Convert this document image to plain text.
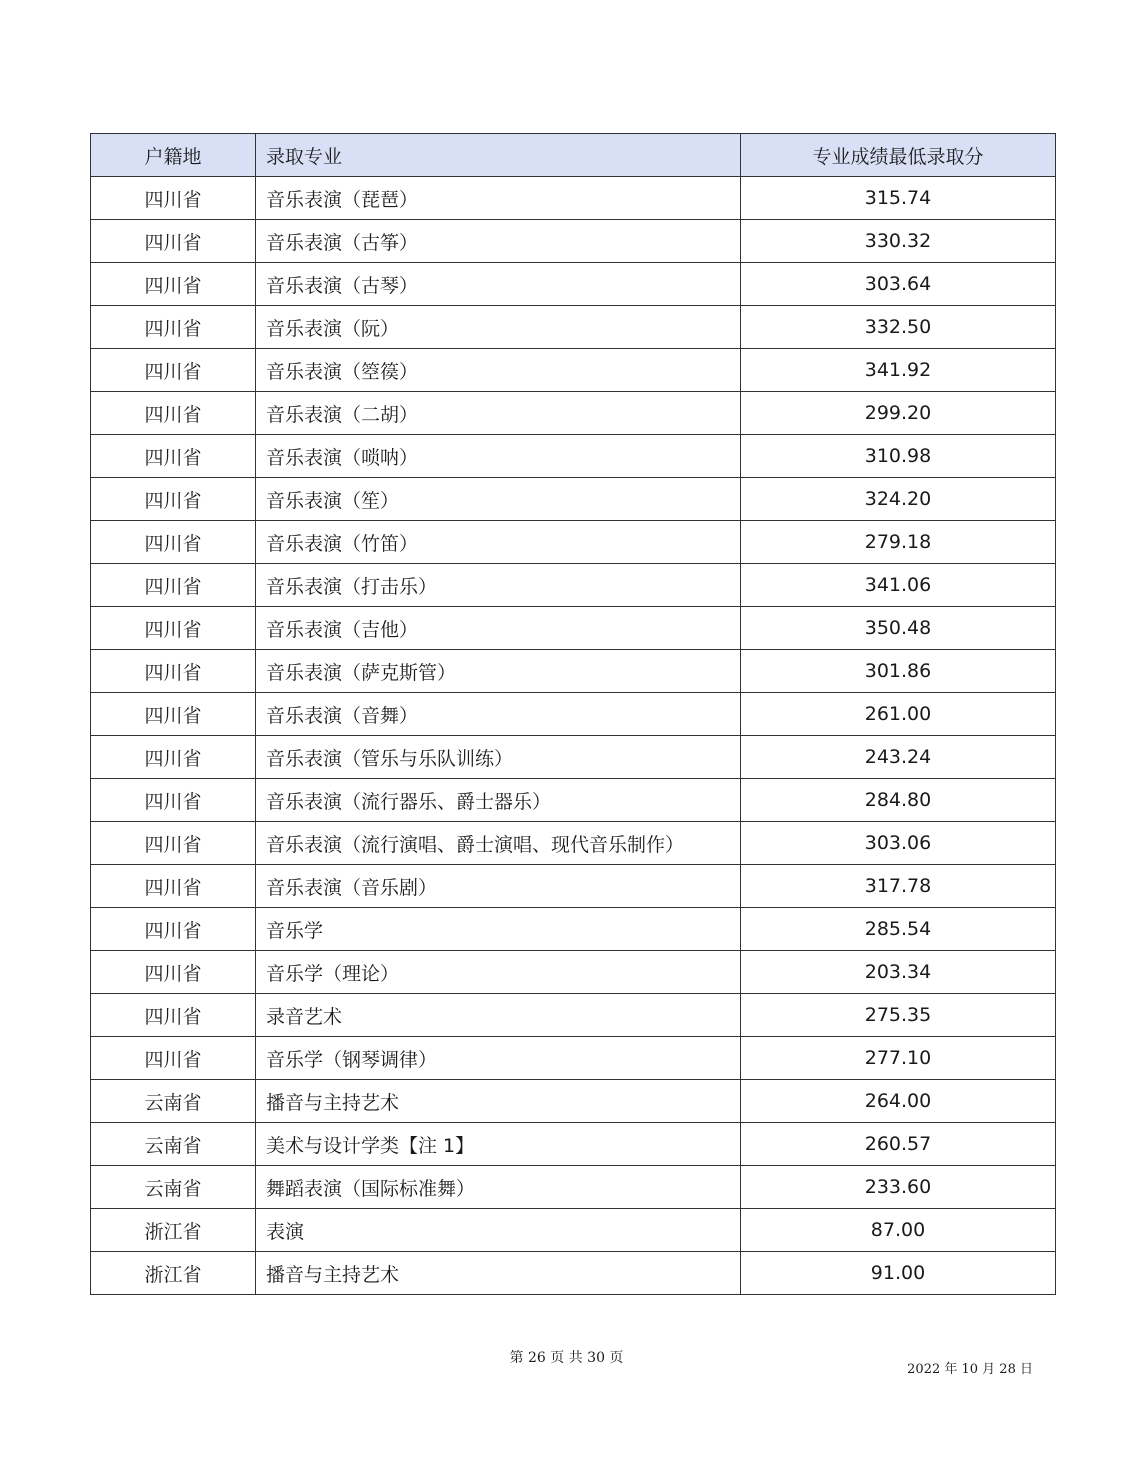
户籍地	录取专业	专业成绩最低录取分
四川省	音乐表演（琵琶）	315.74
四川省	音乐表演（古筝）	330.32
四川省	音乐表演（古琴）	303.64
四川省	音乐表演（阮）	332.50
四川省	音乐表演（箜篌）	341.92
四川省	音乐表演（二胡）	299.20
四川省	音乐表演（唢呐）	310.98
四川省	音乐表演（笙）	324.20
四川省	音乐表演（竹笛）	279.18
四川省	音乐表演（打击乐）	341.06
四川省	音乐表演（吉他）	350.48
四川省	音乐表演（萨克斯管）	301.86
四川省	音乐表演（音舞）	261.00
四川省	音乐表演（管乐与乐队训练）	243.24
四川省	音乐表演（流行器乐、爵士器乐）	284.80
四川省	音乐表演（流行演唱、爵士演唱、现代音乐制作）	303.06
四川省	音乐表演（音乐剧）	317.78
四川省	音乐学	285.54
四川省	音乐学（理论）	203.34
四川省	录音艺术	275.35
四川省	音乐学（钢琴调律）	277.10
云南省	播音与主持艺术	264.00
云南省	美术与设计学类【注 1】	260.57
云南省	舞蹈表演（国际标准舞）	233.60
浙江省	表演	87.00
浙江省	播音与主持艺术	91.00
第 26 页 共 30 页
2022 年 10 月 28 日
